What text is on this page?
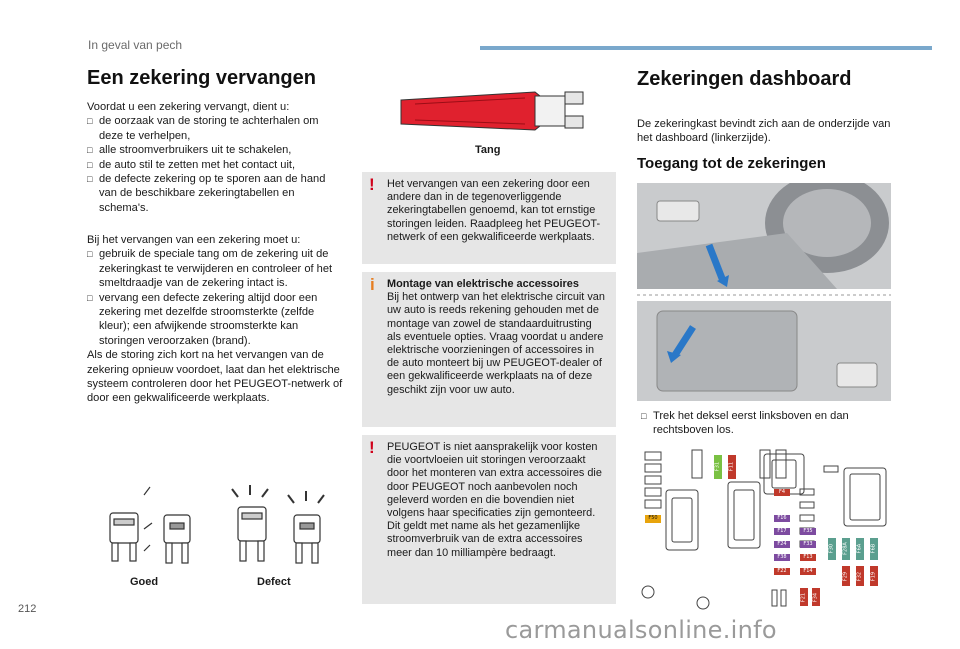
In geval van pech
Een zekering vervangen
Voordat u een zekering vervangt, dient u:
□ de oorzaak van de storing te achterhalen om deze te verhelpen,
□ alle stroomverbruikers uit te schakelen,
□ de auto stil te zetten met het contact uit,
□ de defecte zekering op te sporen aan de hand van de beschikbare zekeringtabellen en schema's.
Bij het vervangen van een zekering moet u:
□ gebruik de speciale tang om de zekering uit de zekeringkast te verwijderen en controleer of het smeltdraadje van de zekering intact is.
□ vervang een defecte zekering altijd door een zekering met dezelfde stroomsterkte (zelfde kleur); een afwijkende stroomsterkte kan storingen veroorzaken (brand).
Als de storing zich kort na het vervangen van de zekering opnieuw voordoet, laat dan het elektrische systeem controleren door het PEUGEOT-netwerk of door een gekwalificeerde werkplaats.
Goed	Defect
Tang
! Het vervangen van een zekering door een andere dan in de tegenoverliggende zekeringtabellen genoemd, kan tot ernstige storingen leiden. Raadpleeg het PEUGEOT-netwerk of een gekwalificeerde werkplaats.
i Montage van elektrische accessoires
Bij het ontwerp van het elektrische circuit van uw auto is reeds rekening gehouden met de montage van zowel de standaarduitrusting als eventuele opties. Vraag voordat u andere elektrische voorzieningen of accessoires in de auto monteert bij uw PEUGEOT-dealer of een gekwalificeerde werkplaats na of deze geschikt zijn voor uw auto.
! PEUGEOT is niet aansprakelijk voor kosten die voortvloeien uit storingen veroorzaakt door het monteren van extra accessoires die door PEUGEOT noch aanbevolen noch geleverd worden en die bovendien niet volgens haar specificaties zijn gemonteerd. Dit geldt met name als het gezamenlijke stroomverbruik van de extra accessoires meer dan 10 milliampère bedraagt.
Zekeringen dashboard
De zekeringkast bevindt zich aan de onderzijde van het dashboard (linkerzijde).
Toegang tot de zekeringen
□ Trek het deksel eerst linksboven en dan rechtsboven los.
F50
F31	F11
F4
F16
F17	F35
F24	F33
F38	F13
F22	F14
F21	F34
F30	F28A	F6A	F6B
F29	F32	F19
212
carmanualsonline.info
